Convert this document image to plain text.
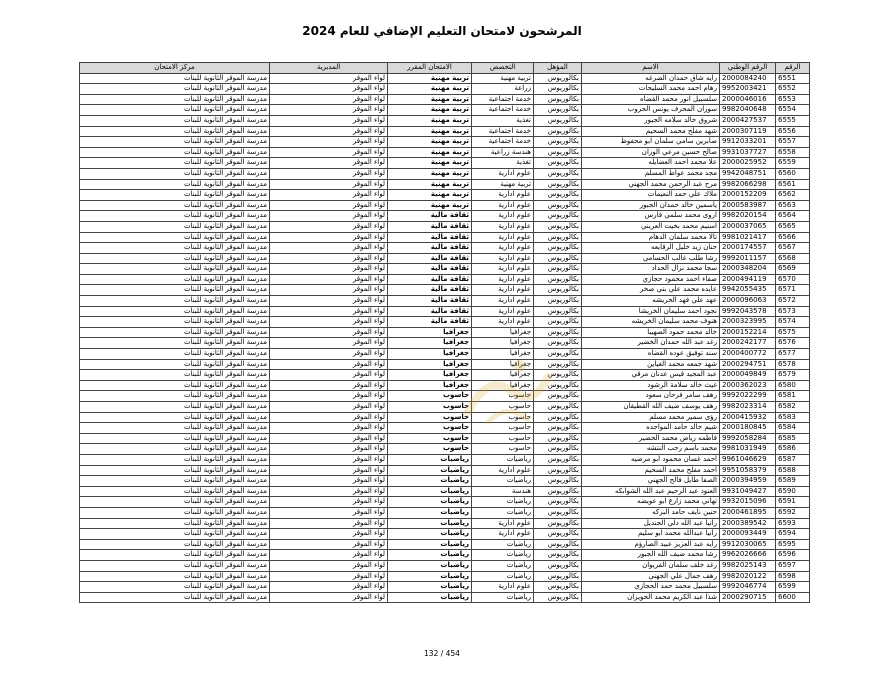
المرشحون لامتحان التعليم الإضافي للعام 2024
الرقم	الرقم الوطني	الاسم	المؤهل	التخصص	الامتحان المقرر	المديرية	مركز الامتحان
6551	2000084240	رايه شاق حمدان الضرغه	بكالوريوس	تربية مهنية	تربية مهنية	لواء الموقر	مدرسة الموقر الثانوية للبنات
6552	9952003421	رهام احمد محمد السليحات	بكالوريوس	زراعة	تربية مهنية	لواء الموقر	مدرسة الموقر الثانوية للبنات
6553	2000046016	سلسبيل انور محمد القضاه	بكالوريوس	خدمة اجتماعية	تربية مهنية	لواء الموقر	مدرسة الموقر الثانوية للبنات
6554	9982040648	سوزان المحرف يونس الحروب	بكالوريوس	خدمة اجتماعية	تربية مهنية	لواء الموقر	مدرسة الموقر الثانوية للبنات
6555	2000427537	شروق خالد سلامه الجبور	بكالوريوس	تغذية	تربية مهنية	لواء الموقر	مدرسة الموقر الثانوية للبنات
6556	2000307119	شهد مفلح محمد السحيم	بكالوريوس	خدمة اجتماعية	تربية مهنية	لواء الموقر	مدرسة الموقر الثانوية للبنات
6557	9912033201	صابرين سامي سلمان ابو محفوظ	بكالوريوس	خدمة اجتماعية	تربية مهنية	لواء الموقر	مدرسة الموقر الثانوية للبنات
6558	9931037727	صالح حسين مرعي الوزان	بكالوريوس	هندسة زراعية	تربية مهنية	لواء الموقر	مدرسة الموقر الثانوية للبنات
6559	2000025952	علا محمد احمد العضايله	بكالوريوس	تغذية	تربية مهنية	لواء الموقر	مدرسة الموقر الثانوية للبنات
6560	9942048751	مجد محمد عواط المسلم	بكالوريوس	علوم ادارية	تربية مهنية	لواء الموقر	مدرسة الموقر الثانوية للبنات
6561	9982066298	مرح عبد الرحمن محمد الجهني	بكالوريوس	تربية مهنية	تربية مهنية	لواء الموقر	مدرسة الموقر الثانوية للبنات
6562	2000152209	ملاك علي حمد النعيمات	بكالوريوس	علوم ادارية	تربية مهنية	لواء الموقر	مدرسة الموقر الثانوية للبنات
6563	2000583987	ياسمين خالد حمدان الجبور	بكالوريوس	علوم ادارية	تربية مهنية	لواء الموقر	مدرسة الموقر الثانوية للبنات
6564	9982020154	اروى محمد سلمي فارس	بكالوريوس	علوم ادارية	ثقافة مالية	لواء الموقر	مدرسة الموقر الثانوية للبنات
6565	2000037065	اسنيم محمد بخيت العريني	بكالوريوس	علوم ادارية	ثقافة مالية	لواء الموقر	مدرسة الموقر الثانوية للبنات
6566	9981021417	تالا محمد سلمان الدهام	بكالوريوس	علوم ادارية	ثقافة مالية	لواء الموقر	مدرسة الموقر الثانوية للبنات
6567	2000174557	حنان زيد خليل الرقايعه	بكالوريوس	علوم ادارية	ثقافة مالية	لواء الموقر	مدرسة الموقر الثانوية للبنات
6568	9992011157	رشا طلب غالب الحسامي	بكالوريوس	علوم ادارية	ثقافة مالية	لواء الموقر	مدرسة الموقر الثانوية للبنات
6569	2000348204	سجا محمد نزال الحداد	بكالوريوس	علوم ادارية	ثقافة مالية	لواء الموقر	مدرسة الموقر الثانوية للبنات
6570	2000494119	صفاء احمد محمود حجازي	بكالوريوس	علوم ادارية	ثقافة مالية	لواء الموقر	مدرسة الموقر الثانوية للبنات
6571	9942055435	عايده محمد علي بني صخر	بكالوريوس	علوم ادارية	ثقافة مالية	لواء الموقر	مدرسة الموقر الثانوية للبنات
6572	2000096063	عهد علي فهد الخريشه	بكالوريوس	علوم ادارية	ثقافة مالية	لواء الموقر	مدرسة الموقر الثانوية للبنات
6573	9992043578	نجود احمد سليمان الخريشا	بكالوريوس	علوم ادارية	ثقافة مالية	لواء الموقر	مدرسة الموقر الثانوية للبنات
6574	2000323995	هنوف محمد سليمان الخريشه	بكالوريوس	علوم ادارية	ثقافة مالية	لواء الموقر	مدرسة الموقر الثانوية للبنات
6575	2000152214	خالد محمد حمود الصهيبا	بكالوريوس	جغرافيا	جغرافيا	لواء الموقر	مدرسة الموقر الثانوية للبنات
6576	2000242177	رغد عبد الله حمدان الخضير	بكالوريوس	جغرافيا	جغرافيا	لواء الموقر	مدرسة الموقر الثانوية للبنات
6577	2000400772	سند توفيق عوده القضاه	بكالوريوس	جغرافيا	جغرافيا	لواء الموقر	مدرسة الموقر الثانوية للبنات
6578	2000294751	شهد جمعه محمد الغياين	بكالوريوس	جغرافيا	جغرافيا	لواء الموقر	مدرسة الموقر الثانوية للبنات
6579	2000049849	عبد المجيد قيس عدنان مرقي	بكالوريوس	جغرافيا	جغرافيا	لواء الموقر	مدرسة الموقر الثانوية للبنات
6580	2000362023	غيث خالد سلامة الرشود	بكالوريوس	جغرافيا	جغرافيا	لواء الموقر	مدرسة الموقر الثانوية للبنات
6581	9992022299	رهف سامر فرحان سعود	بكالوريوس	حاسوب	حاسوب	لواء الموقر	مدرسة الموقر الثانوية للبنات
6582	9982023314	رهف يوسف ضيف الله القطيقان	بكالوريوس	حاسوب	حاسوب	لواء الموقر	مدرسة الموقر الثانوية للبنات
6583	2000415932	رؤى سمير محمد مسلم	بكالوريوس	حاسوب	حاسوب	لواء الموقر	مدرسة الموقر الثانوية للبنات
6584	2000180845	شيم خالد حامد المواجده	بكالوريوس	حاسوب	حاسوب	لواء الموقر	مدرسة الموقر الثانوية للبنات
6585	9992058284	فاطمه رياض محمد الخضير	بكالوريوس	حاسوب	حاسوب	لواء الموقر	مدرسة الموقر الثانوية للبنات
6586	9981031949	محمد باسم رجب النتشه	بكالوريوس	حاسوب	حاسوب	لواء الموقر	مدرسة الموقر الثانوية للبنات
6587	9961046629	احمد غسان محمود ابو مرضيه	بكالوريوس	رياضيات	رياضيات	لواء الموقر	مدرسة الموقر الثانوية للبنات
6588	9951058379	احمد مفلح محمد السحيم	بكالوريوس	علوم ادارية	رياضيات	لواء الموقر	مدرسة الموقر الثانوية للبنات
6589	2000394959	الصفا طايل فالح الجهني	بكالوريوس	رياضيات	رياضيات	لواء الموقر	مدرسة الموقر الثانوية للبنات
6590	9931049427	العنود عبد الرحيم عبد الله الشوابكه	بكالوريوس	هندسة	رياضيات	لواء الموقر	مدرسة الموقر الثانوية للبنات
6591	9932015096	تهاني محمد زارع ابو عويضه	بكالوريوس	رياضيات	رياضيات	لواء الموقر	مدرسة الموقر الثانوية للبنات
6592	2000461895	حنين نايف حامد البركه	بكالوريوس	رياضيات	رياضيات	لواء الموقر	مدرسة الموقر الثانوية للبنات
6593	2000389542	رانيا عبد الله دلي الجنديل	بكالوريوس	علوم ادارية	رياضيات	لواء الموقر	مدرسة الموقر الثانوية للبنات
6594	2000093449	رانيا عبدالله محمد ابو سليم	بكالوريوس	علوم ادارية	رياضيات	لواء الموقر	مدرسة الموقر الثانوية للبنات
6595	9912030065	رايه عبد العزيز عبيد الصارؤم	بكالوريوس	رياضيات	رياضيات	لواء الموقر	مدرسة الموقر الثانوية للبنات
6596	9962026666	رشا محمد ضيف الله الجبور	بكالوريوس	رياضيات	رياضيات	لواء الموقر	مدرسة الموقر الثانوية للبنات
6597	9982025143	رغد خلف سلمان الفريوان	بكالوريوس	رياضيات	رياضيات	لواء الموقر	مدرسة الموقر الثانوية للبنات
6598	9982020122	رهف جمال علي الجهني	بكالوريوس	رياضيات	رياضيات	لواء الموقر	مدرسة الموقر الثانوية للبنات
6599	9992046774	سلسبيل محمد حمد الحجازي	بكالوريوس	علوم ادارية	رياضيات	لواء الموقر	مدرسة الموقر الثانوية للبنات
6600	2000290715	شذا عبد الكريم محمد الحويزان	بكالوريوس	رياضيات	رياضيات	لواء الموقر	مدرسة الموقر الثانوية للبنات
132 / 454
